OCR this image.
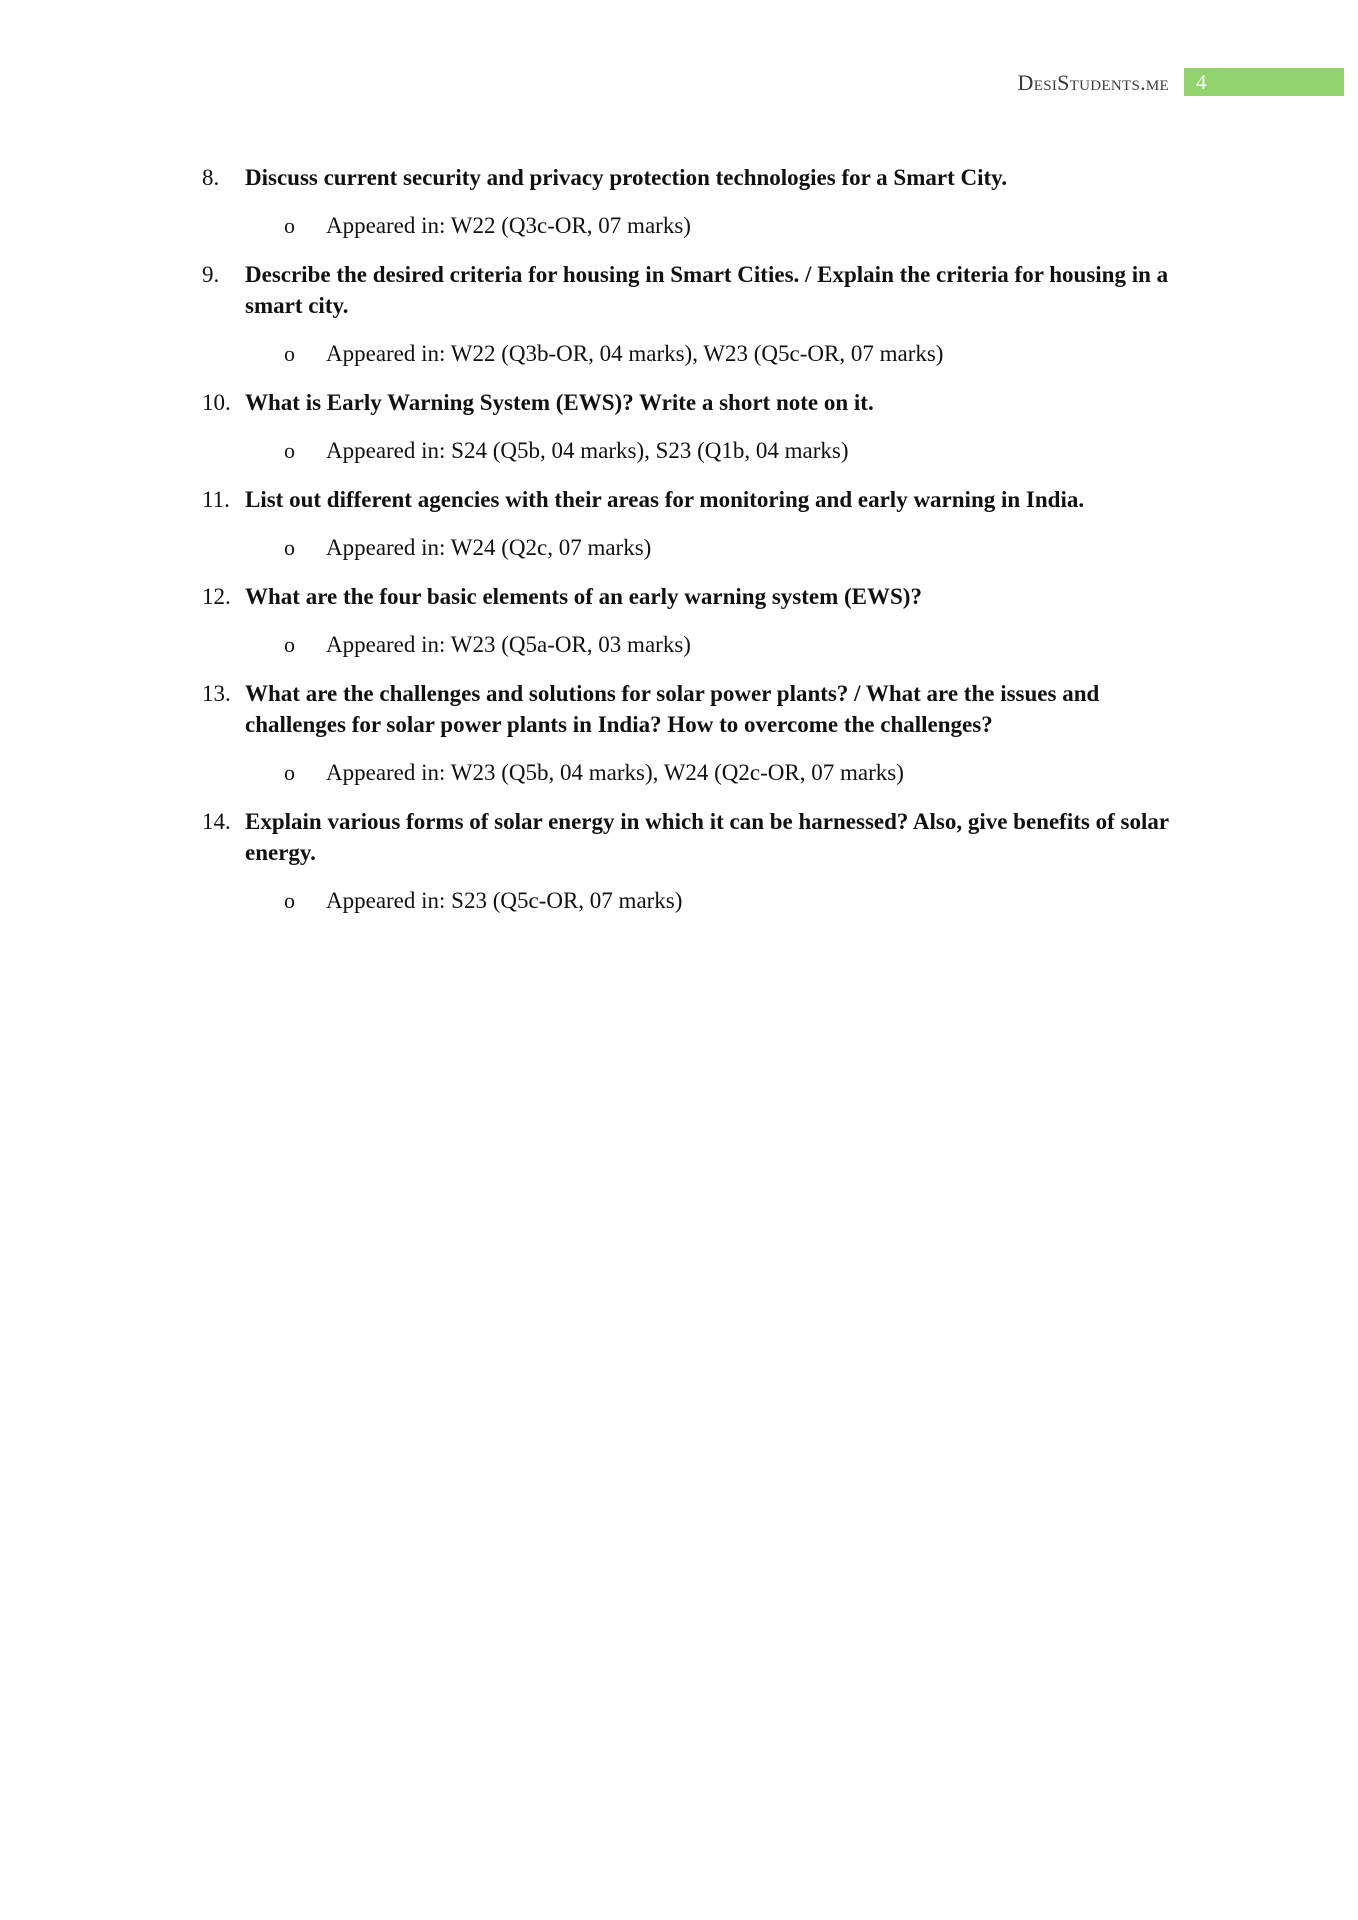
DesiStudents.me	4
8. Discuss current security and privacy protection technologies for a Smart City.
o Appeared in: W22 (Q3c-OR, 07 marks)
9. Describe the desired criteria for housing in Smart Cities. / Explain the criteria for housing in a smart city.
o Appeared in: W22 (Q3b-OR, 04 marks), W23 (Q5c-OR, 07 marks)
10. What is Early Warning System (EWS)? Write a short note on it.
o Appeared in: S24 (Q5b, 04 marks), S23 (Q1b, 04 marks)
11. List out different agencies with their areas for monitoring and early warning in India.
o Appeared in: W24 (Q2c, 07 marks)
12. What are the four basic elements of an early warning system (EWS)?
o Appeared in: W23 (Q5a-OR, 03 marks)
13. What are the challenges and solutions for solar power plants? / What are the issues and challenges for solar power plants in India? How to overcome the challenges?
o Appeared in: W23 (Q5b, 04 marks), W24 (Q2c-OR, 07 marks)
14. Explain various forms of solar energy in which it can be harnessed? Also, give benefits of solar energy.
o Appeared in: S23 (Q5c-OR, 07 marks)
